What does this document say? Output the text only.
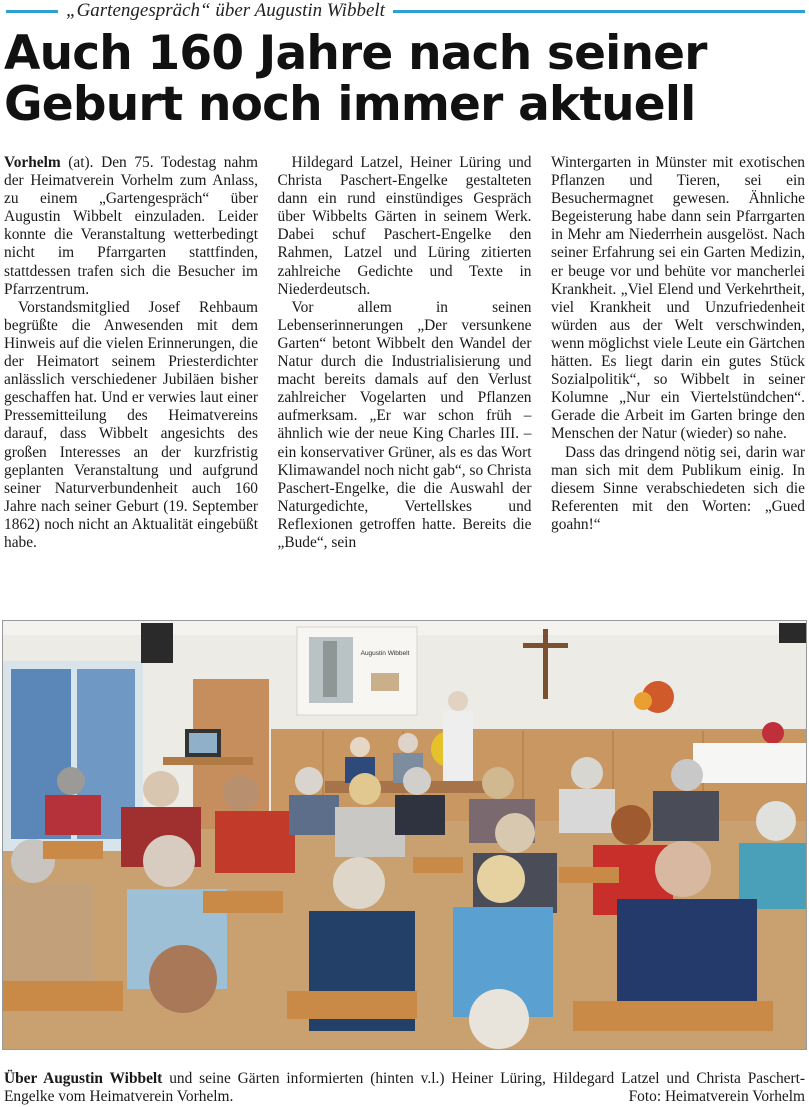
„Gartengespräch“ über Augustin Wibbelt
Auch 160 Jahre nach seiner Geburt noch immer aktuell

Vorhelm (at). Den 75. Todestag nahm der Heimatverein Vorhelm zum Anlass, zu einem „Gartengespräch“ über Augustin Wibbelt einzuladen. Leider konnte die Veranstaltung wetterbedingt nicht im Pfarrgarten stattfinden, stattdessen trafen sich die Besucher im Pfarrzentrum.

Vorstandsmitglied Josef Rehbaum begrüßte die Anwesenden mit dem Hinweis auf die vielen Erinnerungen, die der Heimatort seinem Priesterdichter anlässlich verschiedener Jubiläen bisher geschaffen hat. Und er verwies laut einer Pressemitteilung des Heimatvereins darauf, dass Wibbelt angesichts des großen Interesses an der kurzfristig geplanten Veranstaltung und aufgrund seiner Naturverbundenheit auch 160 Jahre nach seiner Geburt (19. September 1862) noch nicht an Aktualität eingebüßt habe.

Hildegard Latzel, Heiner Lüring und Christa Paschert-Engelke gestalteten dann ein rund einstündiges Gespräch über Wibbelts Gärten in seinem Werk. Dabei schuf Paschert-Engelke den Rahmen, Latzel und Lüring zitierten zahlreiche Gedichte und Texte in Niederdeutsch.

Vor allem in seinen Lebenserinnerungen „Der versunkene Garten“ betont Wibbelt den Wandel der Natur durch die Industrialisierung und macht bereits damals auf den Verlust zahlreicher Vogelarten und Pflanzen aufmerksam. „Er war schon früh – ähnlich wie der neue King Charles III. – ein konservativer Grüner, als es das Wort Klimawandel noch nicht gab“, so Christa Paschert-Engelke, die die Auswahl der Naturgedichte, Vertellskes und Reflexionen getroffen hatte. Bereits die „Bude“, sein

Wintergarten in Münster mit exotischen Pflanzen und Tieren, sei ein Besuchermagnet gewesen. Ähnliche Begeisterung habe dann sein Pfarrgarten in Mehr am Niederrhein ausgelöst. Nach seiner Erfahrung sei ein Garten Medizin, er beuge vor und behüte vor mancherlei Krankheit. „Viel Elend und Verkehrtheit, viel Krankheit und Unzufriedenheit würden aus der Welt verschwinden, wenn möglichst viele Leute ein Gärtchen hätten. Es liegt darin ein gutes Stück Sozialpolitik“, so Wibbelt in seiner Kolumne „Nur ein Viertelstündchen“. Gerade die Arbeit im Garten bringe den Menschen der Natur (wieder) so nahe.

Dass das dringend nötig sei, darin war man sich mit dem Publikum einig. In diesem Sinne verabschiedeten sich die Referenten mit den Worten: „Gued goahn!“

Augustin Wibbelt
Über Augustin Wibbelt und seine Gärten informierten (hinten v.l.) Heiner Lüring, Hildegard Latzel und Christa Paschert-Engelke vom Heimatverein Vorhelm.	Foto: Heimatverein Vorhelm
